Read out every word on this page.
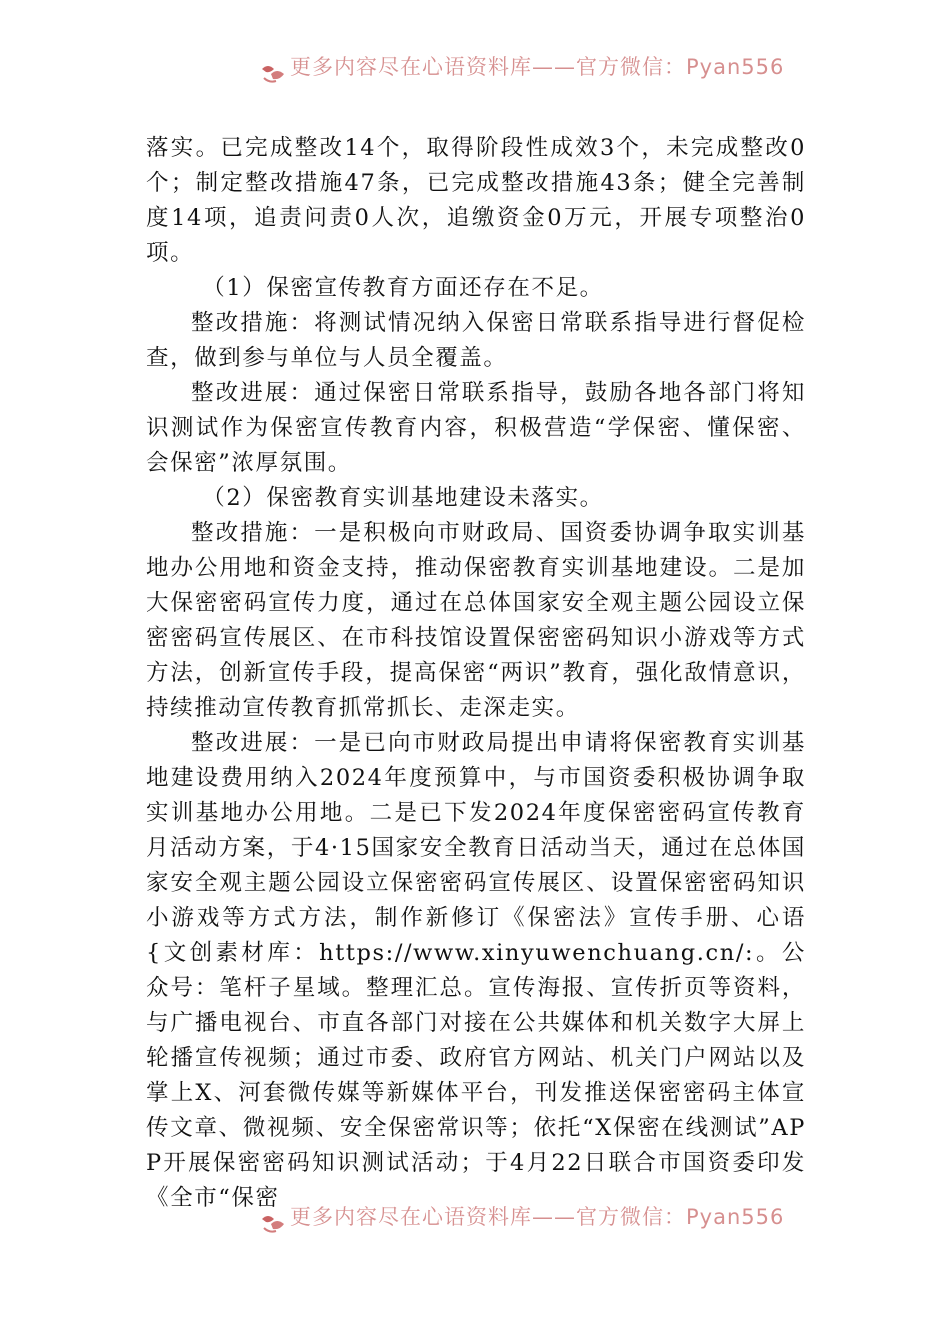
更多内容尽在心语资料库——官方微信：Pyan556

落实。已完成整改14个，取得阶段性成效3个，未完成整改0个；制定整改措施47条，已完成整改措施43条；健全完善制度14项，追责问责0人次，追缴资金0万元，开展专项整治0项。

（1）保密宣传教育方面还存在不足。

整改措施：将测试情况纳入保密日常联系指导进行督促检查，做到参与单位与人员全覆盖。

整改进展：通过保密日常联系指导，鼓励各地各部门将知识测试作为保密宣传教育内容，积极营造“学保密、懂保密、会保密”浓厚氛围。

（2）保密教育实训基地建设未落实。

整改措施：一是积极向市财政局、国资委协调争取实训基地办公用地和资金支持，推动保密教育实训基地建设。二是加大保密密码宣传力度，通过在总体国家安全观主题公园设立保密密码宣传展区、在市科技馆设置保密密码知识小游戏等方式方法，创新宣传手段，提高保密“两识”教育，强化敌情意识，持续推动宣传教育抓常抓长、走深走实。

整改进展：一是已向市财政局提出申请将保密教育实训基地建设费用纳入2024年度预算中，与市国资委积极协调争取实训基地办公用地。二是已下发2024年度保密密码宣传教育月活动方案，于4·15国家安全教育日活动当天，通过在总体国家安全观主题公园设立保密密码宣传展区、设置保密密码知识小游戏等方式方法，制作新修订《保密法》宣传手册、心语{文创素材库：https://www.xinyuwenchuang.cn/:。公众号：笔杆子星域。整理汇总。宣传海报、宣传折页等资料，与广播电视台、市直各部门对接在公共媒体和机关数字大屏上轮播宣传视频；通过市委、政府官方网站、机关门户网站以及掌上X、河套微传媒等新媒体平台，刊发推送保密密码主体宣传文章、微视频、安全保密常识等；依托“X保密在线测试”APP开展保密密码知识测试活动；于4月22日联合市国资委印发《全市“保密

更多内容尽在心语资料库——官方微信：Pyan556
